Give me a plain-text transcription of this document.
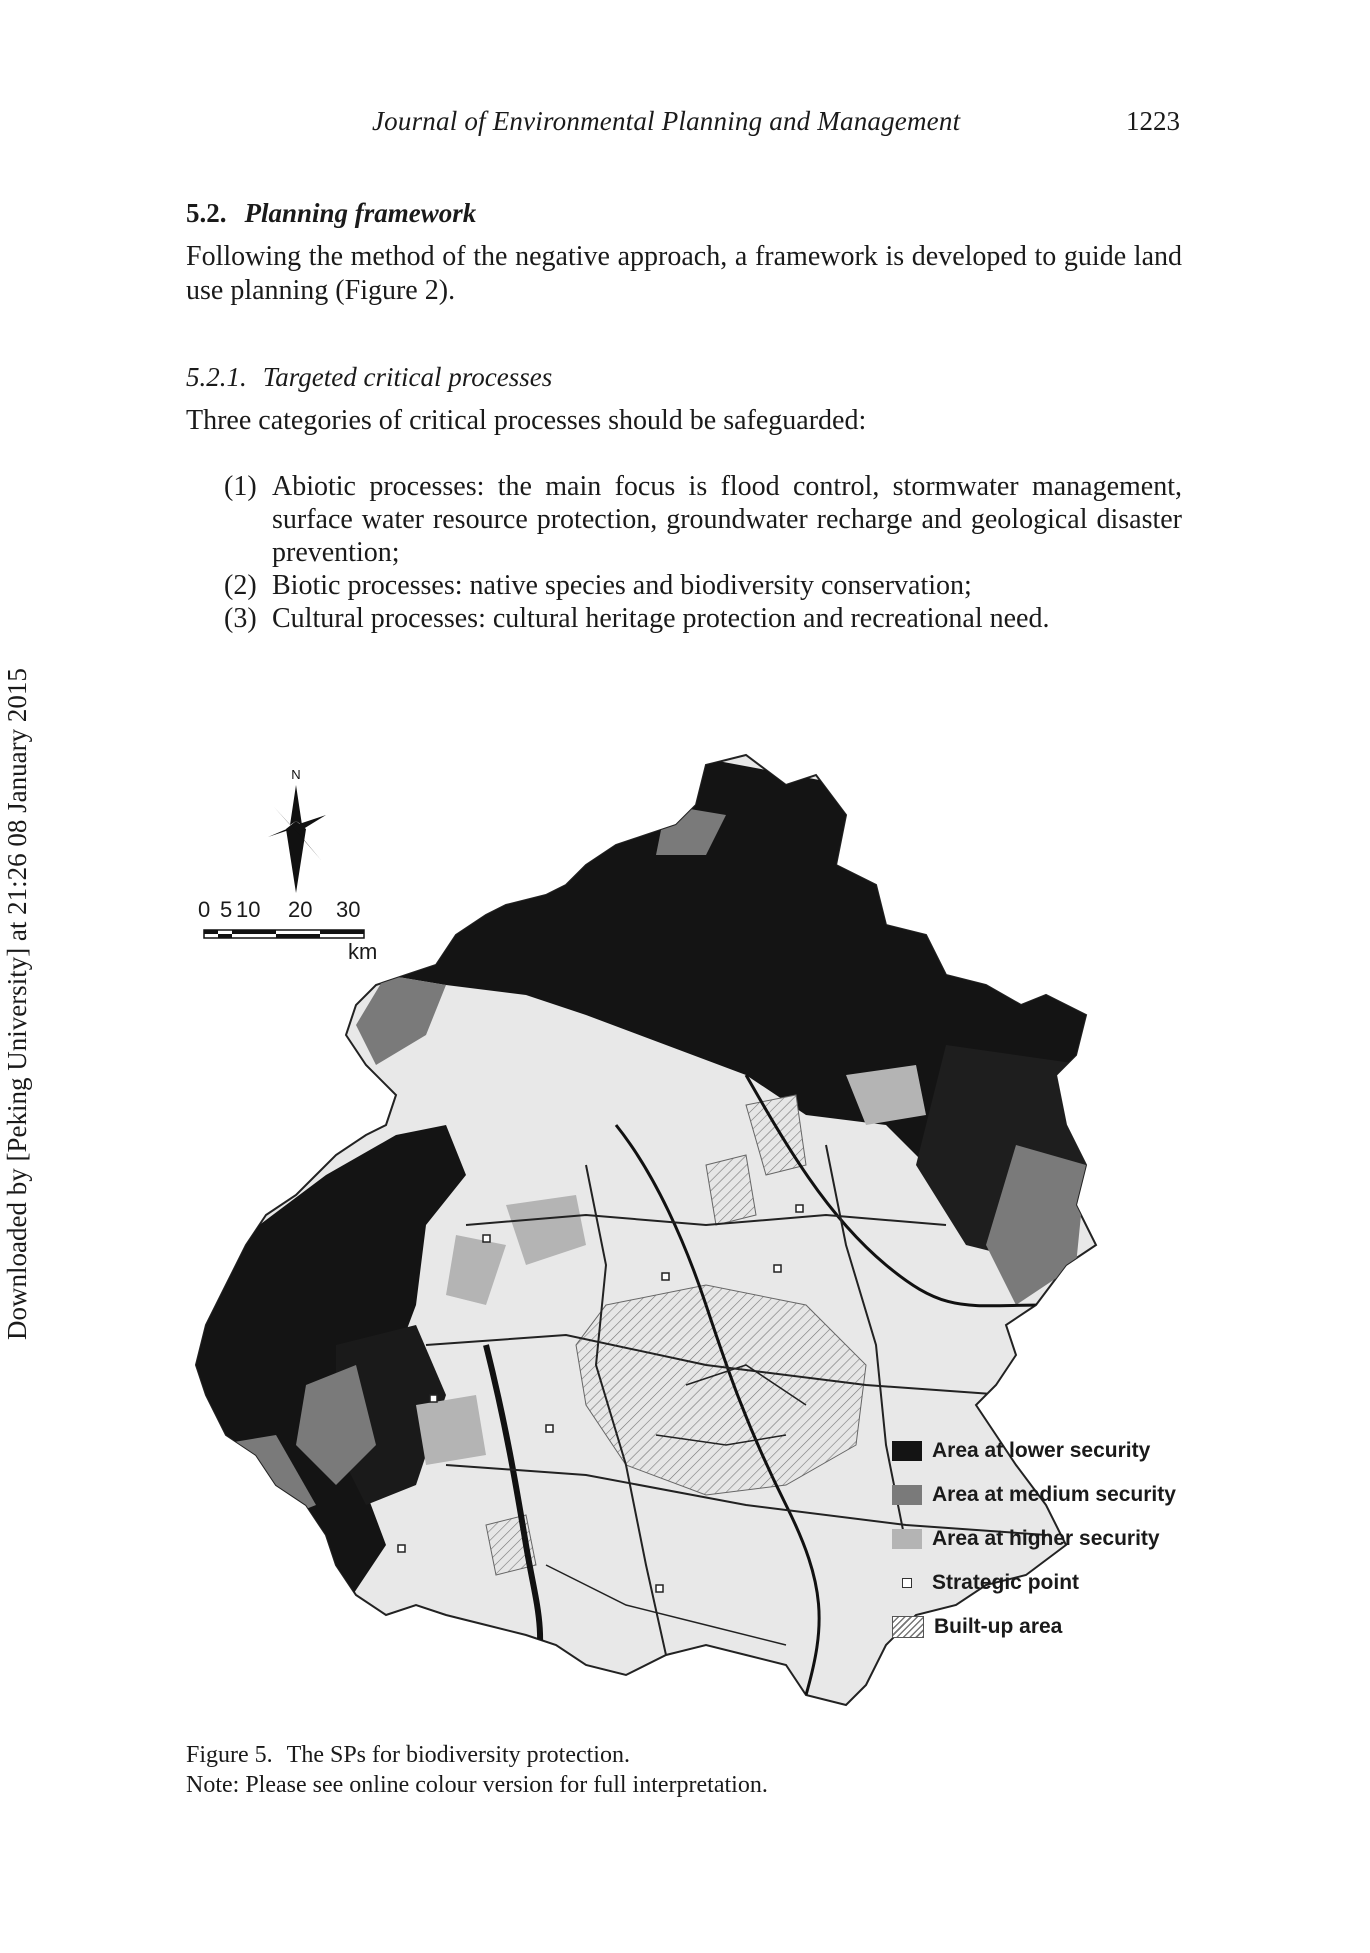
Journal of Environmental Planning and Management	1223
Downloaded by [Peking University] at 21:26 08 January 2015
5.2. Planning framework
Following the method of the negative approach, a framework is developed to guide land use planning (Figure 2).
5.2.1. Targeted critical processes
Three categories of critical processes should be safeguarded:
(1) Abiotic processes: the main focus is flood control, stormwater management, surface water resource protection, groundwater recharge and geological disaster prevention;
(2) Biotic processes: native species and biodiversity conservation;
(3) Cultural processes: cultural heritage protection and recreational need.
N
0 5 10 20 30
km
Area at lower security
Area at medium security
Area at higher security
Strategic point
Built-up area
Figure 5. The SPs for biodiversity protection.
Note: Please see online colour version for full interpretation.
